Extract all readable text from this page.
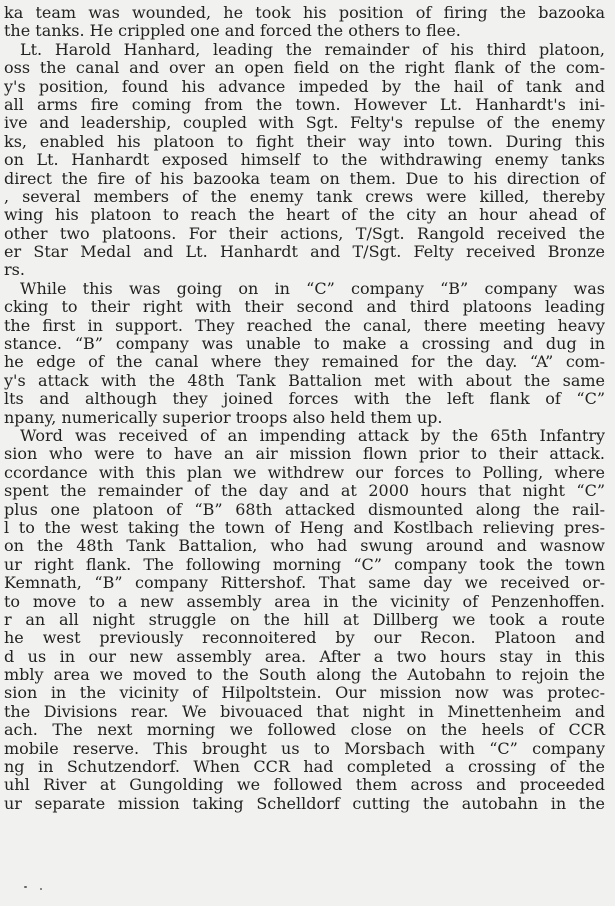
ka team was wounded, he took his position of firing the bazooka
the tanks. He crippled one and forced the others to flee.
Lt. Harold Hanhard, leading the remainder of his third platoon,
oss the canal and over an open field on the right flank of the com-
y's position, found his advance impeded by the hail of tank and
all arms fire coming from the town. However Lt. Hanhardt's ini-
ive and leadership, coupled with Sgt. Felty's repulse of the enemy
ks, enabled his platoon to fight their way into town. During this
on Lt. Hanhardt exposed himself to the withdrawing enemy tanks
direct the fire of his bazooka team on them. Due to his direction of
, several members of the enemy tank crews were killed, thereby
wing his platoon to reach the heart of the city an hour ahead of
other two platoons. For their actions, T/Sgt. Rangold received the
er Star Medal and Lt. Hanhardt and T/Sgt. Felty received Bronze
rs.
While this was going on in “C” company “B” company was
cking to their right with their second and third platoons leading
the first in support. They reached the canal, there meeting heavy
stance. “B” company was unable to make a crossing and dug in
he edge of the canal where they remained for the day. “A” com-
y's attack with the 48th Tank Battalion met with about the same
lts and although they joined forces with the left flank of “C”
npany, numerically superior troops also held them up.
Word was received of an impending attack by the 65th Infantry
sion who were to have an air mission flown prior to their attack.
ccordance with this plan we withdrew our forces to Polling, where
spent the remainder of the day and at 2000 hours that night “C”
plus one platoon of “B” 68th attacked dismounted along the rail-
l to the west taking the town of Heng and Kostlbach relieving pres-
on the 48th Tank Battalion, who had swung around and wasnow
ur right flank. The following morning “C” company took the town
Kemnath, “B” company Rittershof. That same day we received or-
to move to a new assembly area in the vicinity of Penzenhoffen.
r an all night struggle on the hill at Dillberg we took a route
he west previously reconnoitered by our Recon. Platoon and
d us in our new assembly area. After a two hours stay in this
mbly area we moved to the South along the Autobahn to rejoin the
sion in the vicinity of Hilpoltstein. Our mission now was protec-
the Divisions rear. We bivouaced that night in Minettenheim and
ach. The next morning we followed close on the heels of CCR
mobile reserve. This brought us to Morsbach with “C” company
ng in Schutzendorf. When CCR had completed a crossing of the
uhl River at Gungolding we followed them across and proceeded
ur separate mission taking Schelldorf cutting the autobahn in the
